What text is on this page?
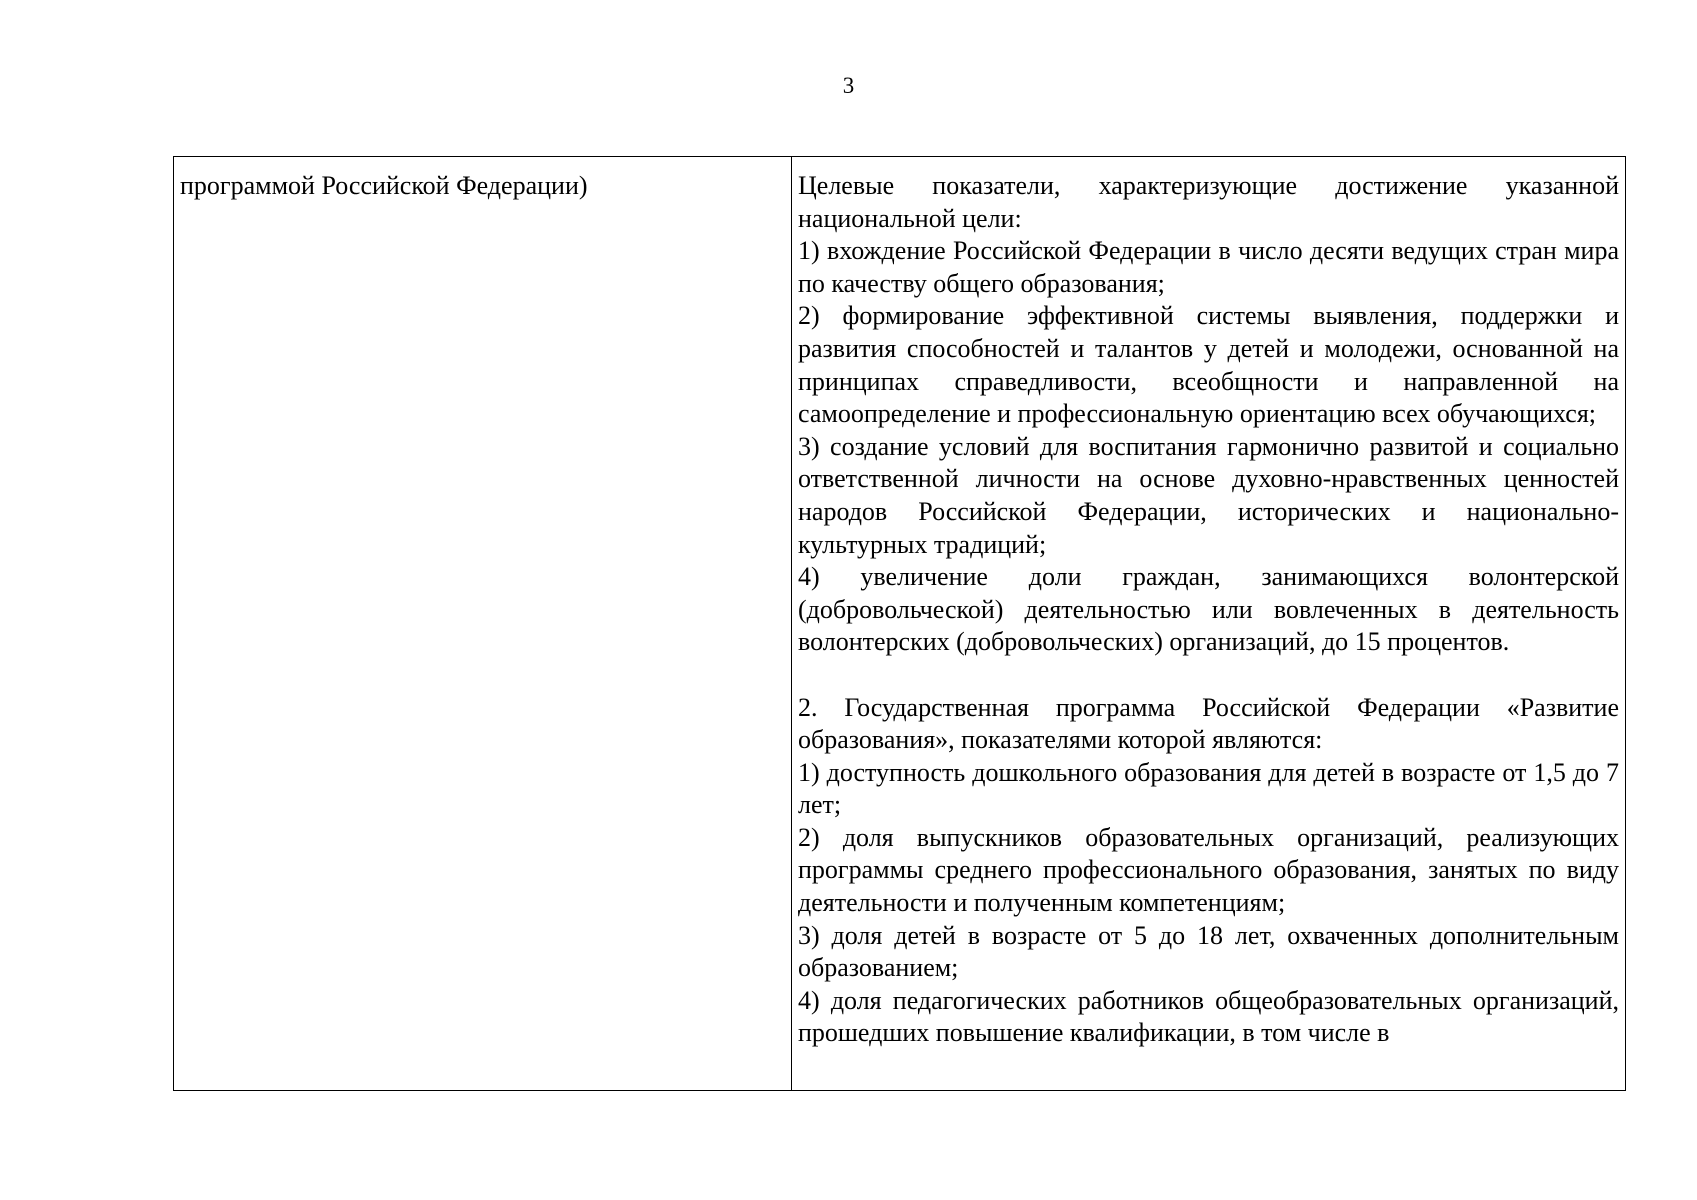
3
программой Российской Федерации)	Целевые показатели, характеризующие достижение указанной национальной цели:

1) вхождение Российской Федерации в число десяти ведущих стран мира по качеству общего образования;

2) формирование эффективной системы выявления, поддержки и развития способностей и талантов у детей и молодежи, основанной на принципах справедливости, всеобщности и направленной на самоопределение и профессиональную ориентацию всех обучающихся;

3) создание условий для воспитания гармонично развитой и социально ответственной личности на основе духовно-нравственных ценностей народов Российской Федерации, исторических и национально-культурных традиций;

4) увеличение доли граждан, занимающихся волонтерской (добровольческой) деятельностью или вовлеченных в деятельность волонтерских (добровольческих) организаций, до 15 процентов.

2. Государственная программа Российской Федерации «Развитие образования», показателями которой являются:

1) доступность дошкольного образования для детей в возрасте от 1,5 до 7 лет;

2) доля выпускников образовательных организаций, реализующих программы среднего профессионального образования, занятых по виду деятельности и полученным компетенциям;

3) доля детей в возрасте от 5 до 18 лет, охваченных дополнительным образованием;

4) доля педагогических работников общеобразовательных организаций, прошедших повышение квалификации, в том числе в
